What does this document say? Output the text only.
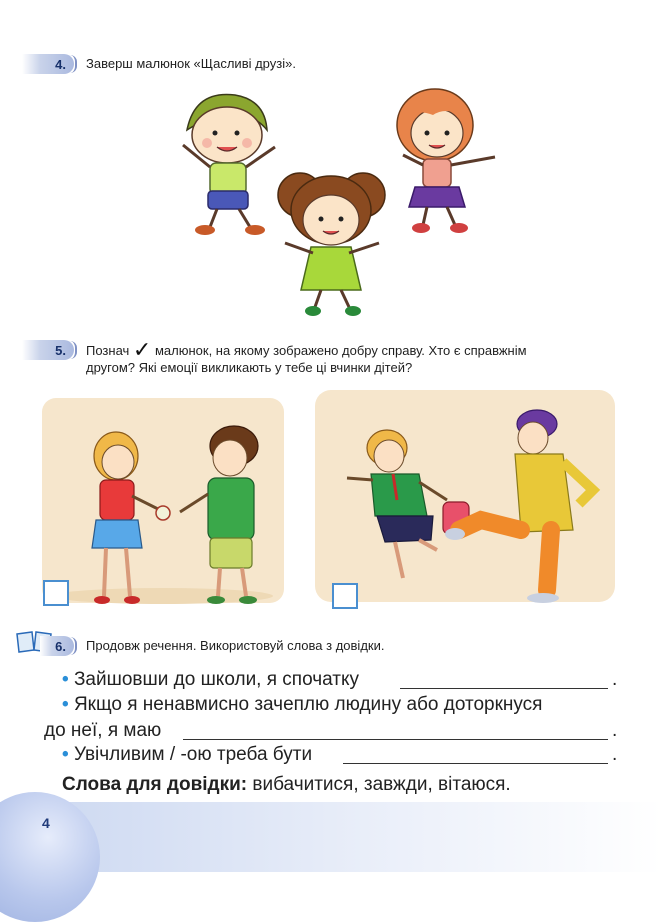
4. Заверш малюнок «Щасливі друзі».
5. Познач ✓ малюнок, на якому зображено добру справу. Хто є справжнім
другом? Які емоції викликають у тебе ці вчинки дітей?
6. Продовж речення. Використовуй слова з довідки.
• Зайшовши до школи, я спочатку	.
• Якщо я ненавмисно зачеплю людину або доторкнуся
до неї, я маю	.
• Увічливим / -ою треба бути	.
Слова для довідки: вибачитися, завжди, вітаюся.
4
